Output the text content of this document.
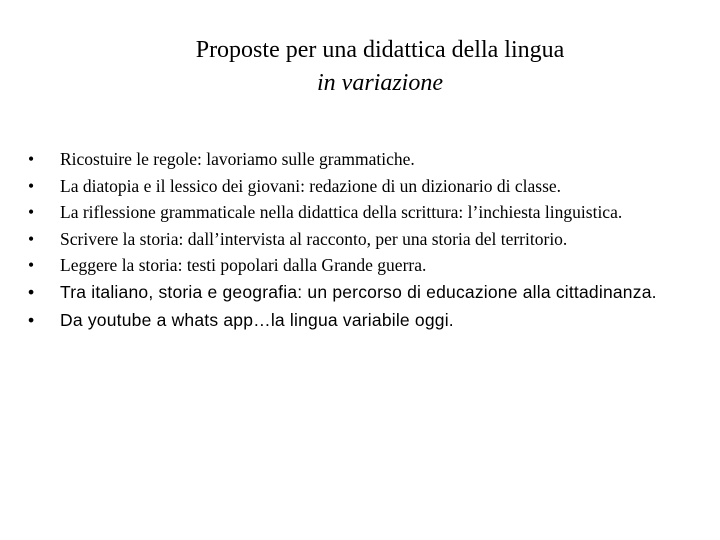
Proposte per una didattica della lingua
in variazione
• Ricostuire le regole: lavoriamo sulle grammatiche.
• La diatopia e il lessico dei giovani: redazione di un dizionario di classe.
• La riflessione grammaticale nella didattica della scrittura: l’inchiesta linguistica.
• Scrivere la storia: dall’intervista al racconto, per una storia del territorio.
• Leggere la storia: testi popolari dalla Grande guerra.
• Tra italiano, storia e geografia: un percorso di educazione alla cittadinanza.
• Da youtube a whats app…la lingua variabile oggi.
